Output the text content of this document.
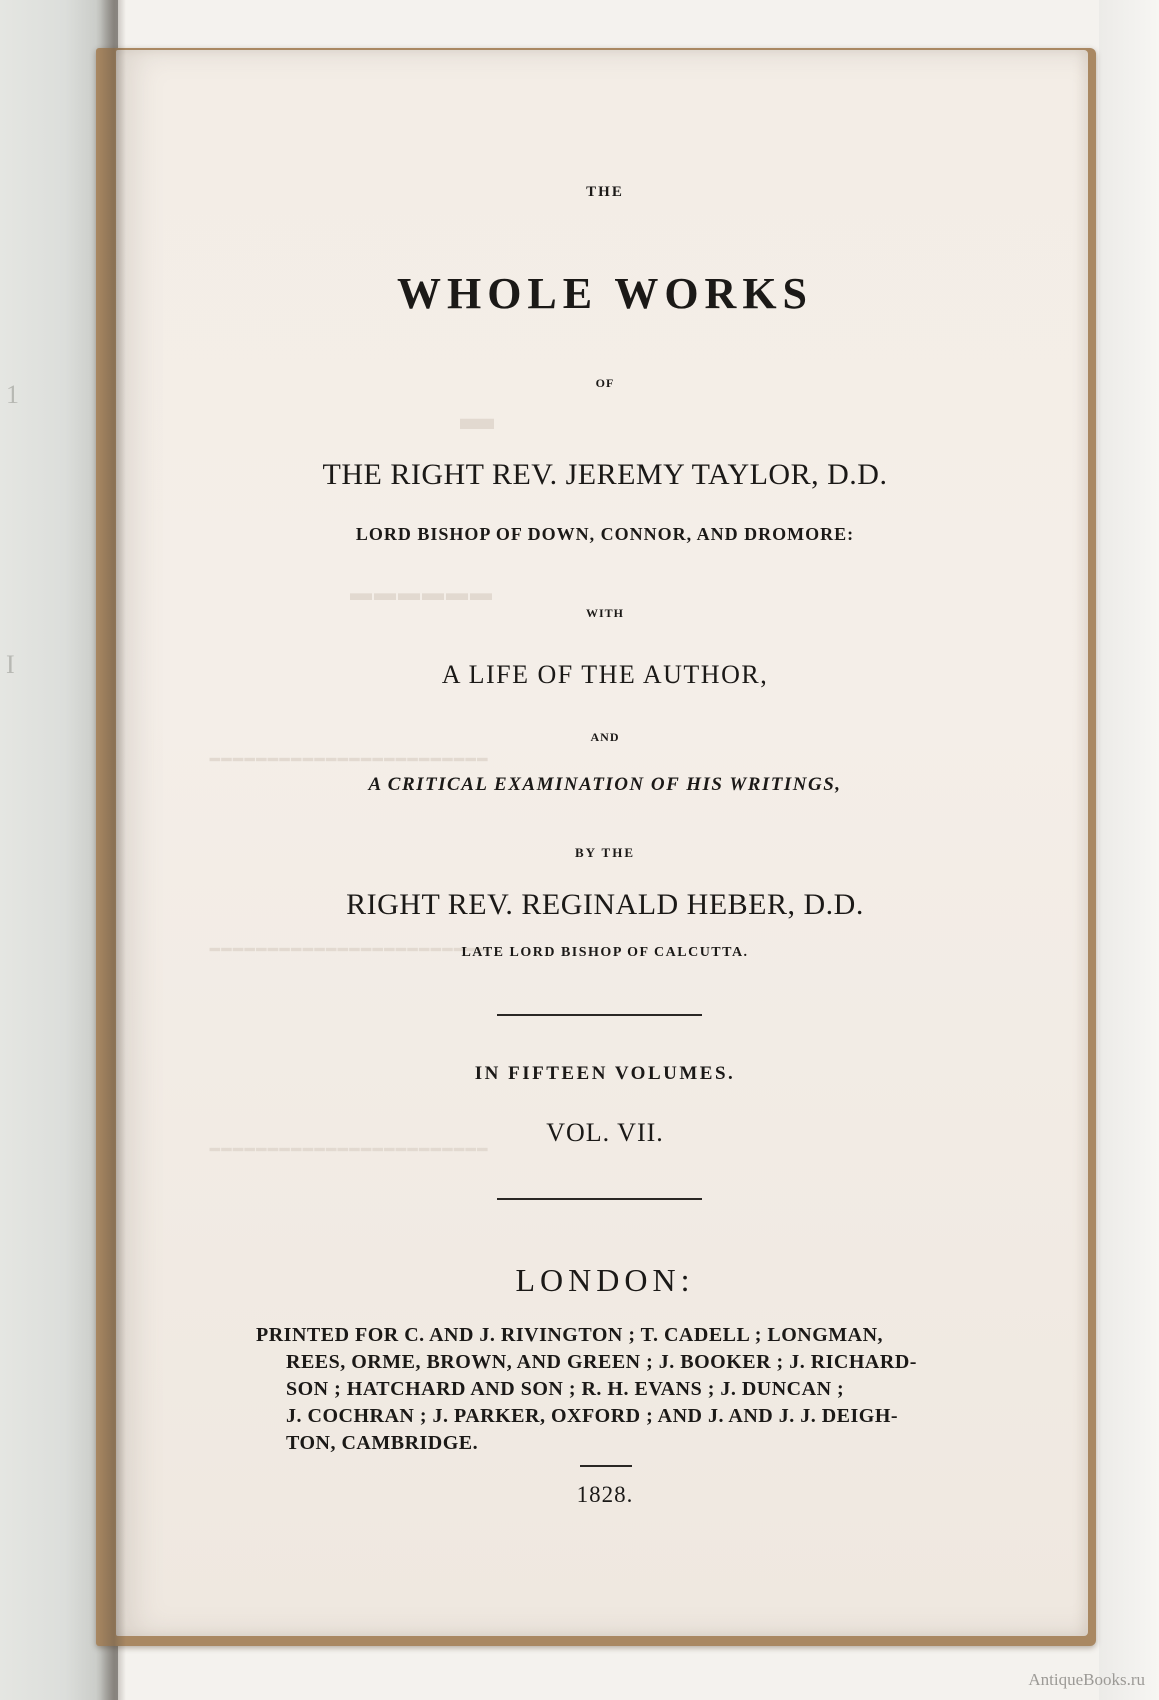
1
I
▬
▬▬▬▬▬▬
━━━━━━━━━━━━━━━━━━━━━━━━
━━━━━━━━━━━━━━━━━━━━━━━━
━━━━━━━━━━━━━━━━━━━━━━━━
THE
WHOLE WORKS
OF
THE RIGHT REV. JEREMY TAYLOR, D.D.
LORD BISHOP OF DOWN, CONNOR, AND DROMORE:
WITH
A LIFE OF THE AUTHOR,
AND
A CRITICAL EXAMINATION OF HIS WRITINGS,
BY THE
RIGHT REV. REGINALD HEBER, D.D.
LATE LORD BISHOP OF CALCUTTA.
IN FIFTEEN VOLUMES.
VOL. VII.
LONDON:
PRINTED FOR C. AND J. RIVINGTON ; T. CADELL ; LONGMAN,
REES, ORME, BROWN, AND GREEN ; J. BOOKER ; J. RICHARD-
SON ; HATCHARD AND SON ; R. H. EVANS ; J. DUNCAN ;
J. COCHRAN ; J. PARKER, OXFORD ; AND J. AND J. J. DEIGH-
TON, CAMBRIDGE.
1828.
AntiqueBooks.ru
